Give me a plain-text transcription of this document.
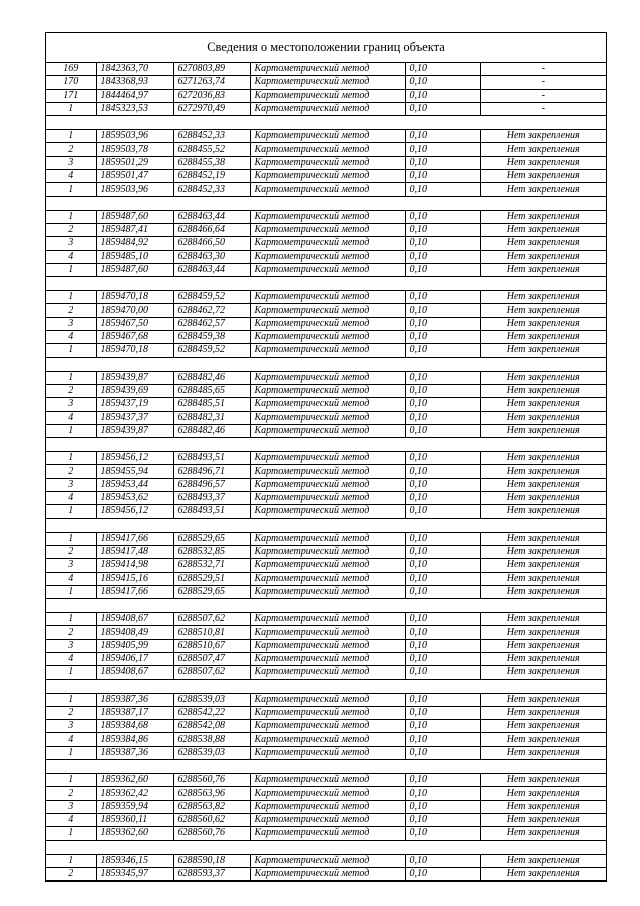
Сведения о местоположении границ объекта
169	1842363,70	6270803,89	Картометрический метод	0,10	-
170	1843368,93	6271263,74	Картометрический метод	0,10	-
171	1844464,97	6272036,83	Картометрический метод	0,10	-
1	1845323,53	6272970,49	Картометрический метод	0,10	-

1	1859503,96	6288452,33	Картометрический метод	0,10	Нет закрепления
2	1859503,78	6288455,52	Картометрический метод	0,10	Нет закрепления
3	1859501,29	6288455,38	Картометрический метод	0,10	Нет закрепления
4	1859501,47	6288452,19	Картометрический метод	0,10	Нет закрепления
1	1859503,96	6288452,33	Картометрический метод	0,10	Нет закрепления

1	1859487,60	6288463,44	Картометрический метод	0,10	Нет закрепления
2	1859487,41	6288466,64	Картометрический метод	0,10	Нет закрепления
3	1859484,92	6288466,50	Картометрический метод	0,10	Нет закрепления
4	1859485,10	6288463,30	Картометрический метод	0,10	Нет закрепления
1	1859487,60	6288463,44	Картометрический метод	0,10	Нет закрепления

1	1859470,18	6288459,52	Картометрический метод	0,10	Нет закрепления
2	1859470,00	6288462,72	Картометрический метод	0,10	Нет закрепления
3	1859467,50	6288462,57	Картометрический метод	0,10	Нет закрепления
4	1859467,68	6288459,38	Картометрический метод	0,10	Нет закрепления
1	1859470,18	6288459,52	Картометрический метод	0,10	Нет закрепления

1	1859439,87	6288482,46	Картометрический метод	0,10	Нет закрепления
2	1859439,69	6288485,65	Картометрический метод	0,10	Нет закрепления
3	1859437,19	6288485,51	Картометрический метод	0,10	Нет закрепления
4	1859437,37	6288482,31	Картометрический метод	0,10	Нет закрепления
1	1859439,87	6288482,46	Картометрический метод	0,10	Нет закрепления

1	1859456,12	6288493,51	Картометрический метод	0,10	Нет закрепления
2	1859455,94	6288496,71	Картометрический метод	0,10	Нет закрепления
3	1859453,44	6288496,57	Картометрический метод	0,10	Нет закрепления
4	1859453,62	6288493,37	Картометрический метод	0,10	Нет закрепления
1	1859456,12	6288493,51	Картометрический метод	0,10	Нет закрепления

1	1859417,66	6288529,65	Картометрический метод	0,10	Нет закрепления
2	1859417,48	6288532,85	Картометрический метод	0,10	Нет закрепления
3	1859414,98	6288532,71	Картометрический метод	0,10	Нет закрепления
4	1859415,16	6288529,51	Картометрический метод	0,10	Нет закрепления
1	1859417,66	6288529,65	Картометрический метод	0,10	Нет закрепления

1	1859408,67	6288507,62	Картометрический метод	0,10	Нет закрепления
2	1859408,49	6288510,81	Картометрический метод	0,10	Нет закрепления
3	1859405,99	6288510,67	Картометрический метод	0,10	Нет закрепления
4	1859406,17	6288507,47	Картометрический метод	0,10	Нет закрепления
1	1859408,67	6288507,62	Картометрический метод	0,10	Нет закрепления

1	1859387,36	6288539,03	Картометрический метод	0,10	Нет закрепления
2	1859387,17	6288542,22	Картометрический метод	0,10	Нет закрепления
3	1859384,68	6288542,08	Картометрический метод	0,10	Нет закрепления
4	1859384,86	6288538,88	Картометрический метод	0,10	Нет закрепления
1	1859387,36	6288539,03	Картометрический метод	0,10	Нет закрепления

1	1859362,60	6288560,76	Картометрический метод	0,10	Нет закрепления
2	1859362,42	6288563,96	Картометрический метод	0,10	Нет закрепления
3	1859359,94	6288563,82	Картометрический метод	0,10	Нет закрепления
4	1859360,11	6288560,62	Картометрический метод	0,10	Нет закрепления
1	1859362,60	6288560,76	Картометрический метод	0,10	Нет закрепления

1	1859346,15	6288590,18	Картометрический метод	0,10	Нет закрепления
2	1859345,97	6288593,37	Картометрический метод	0,10	Нет закрепления
